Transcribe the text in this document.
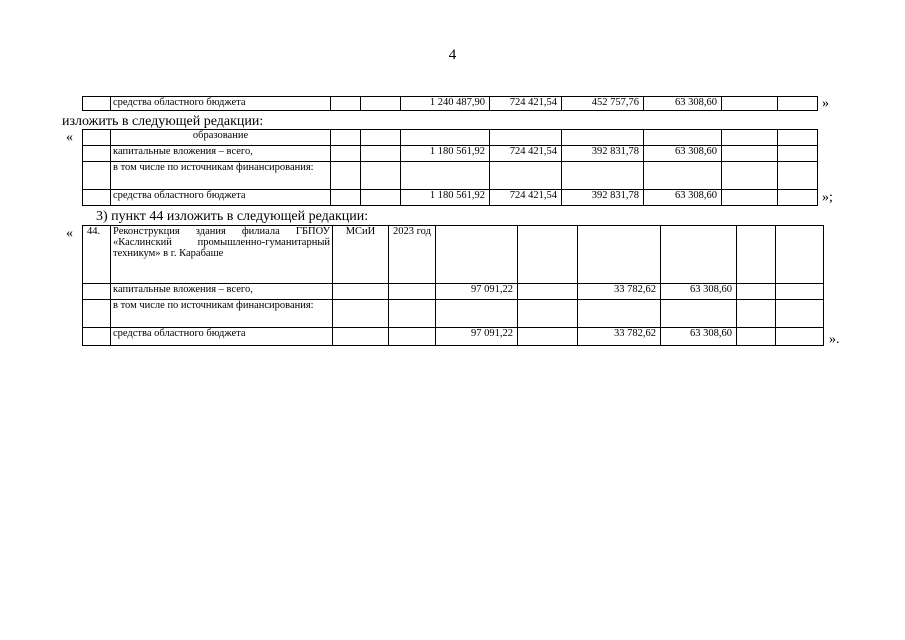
4
	средства областного бюджета			1 240 487,90	724 421,54	452 757,76	63 308,60			»
изложить в следующей редакции:
«
		образование								
	капитальные вложения – всего,			1 180 561,92	724 421,54	392 831,78	63 308,60		
	в том числе по источникам финансирования:								
	средства областного бюджета			1 180 561,92	724 421,54	392 831,78	63 308,60			»;
3) пункт 44 изложить в следующей редакции:
« 44.	Реконструкция здания филиала ГБПОУ «Каслинский промышленно-гуманитарный техникум» в г. Карабаше	МСиИ	2023 год						
	капитальные вложения – всего,			97 091,22		33 782,62	63 308,60		
	в том числе по источникам финансирования:								
	средства областного бюджета			97 091,22		33 782,62	63 308,60			».
